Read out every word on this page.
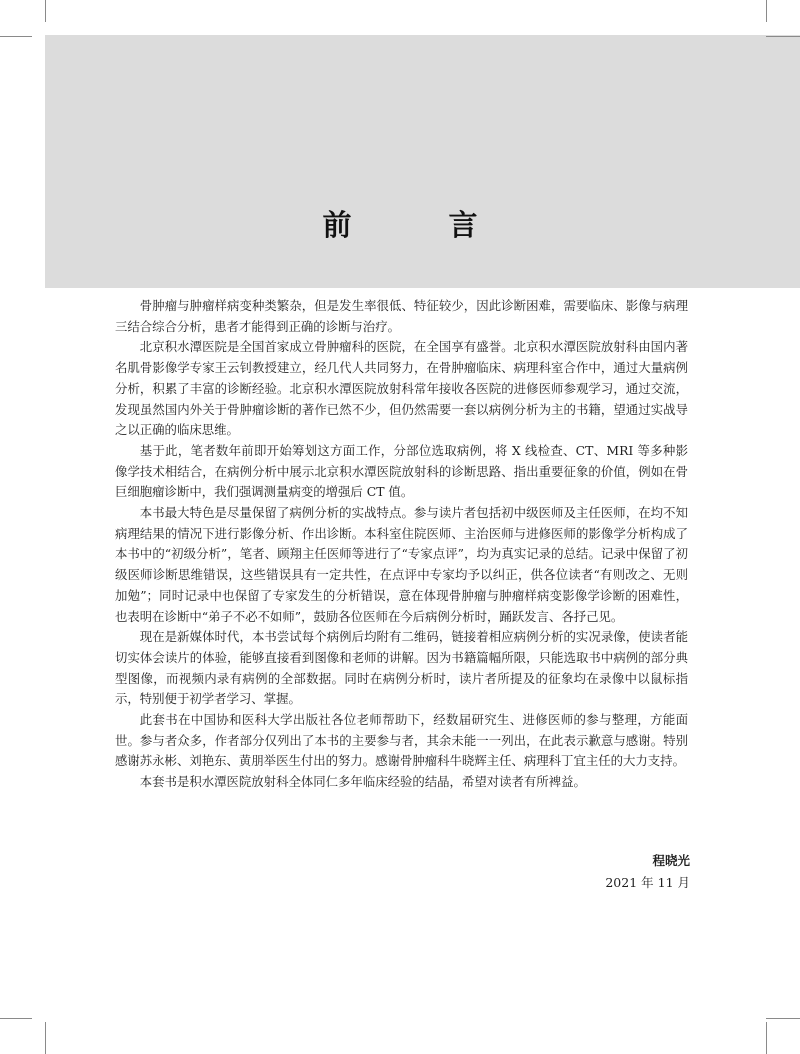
前　言

骨肿瘤与肿瘤样病变种类繁杂，但是发生率很低、特征较少，因此诊断困难，需要临床、影像与病理三结合综合分析，患者才能得到正确的诊断与治疗。

北京积水潭医院是全国首家成立骨肿瘤科的医院，在全国享有盛誉。北京积水潭医院放射科由国内著名肌骨影像学专家王云钊教授建立，经几代人共同努力，在骨肿瘤临床、病理科室合作中，通过大量病例分析，积累了丰富的诊断经验。北京积水潭医院放射科常年接收各医院的进修医师参观学习，通过交流，发现虽然国内外关于骨肿瘤诊断的著作已然不少，但仍然需要一套以病例分析为主的书籍，望通过实战导之以正确的临床思维。

基于此，笔者数年前即开始筹划这方面工作，分部位选取病例，将 X 线检查、CT、MRI 等多种影像学技术相结合，在病例分析中展示北京积水潭医院放射科的诊断思路、指出重要征象的价值，例如在骨巨细胞瘤诊断中，我们强调测量病变的增强后 CT 值。

本书最大特色是尽量保留了病例分析的实战特点。参与读片者包括初中级医师及主任医师，在均不知病理结果的情况下进行影像分析、作出诊断。本科室住院医师、主治医师与进修医师的影像学分析构成了本书中的“初级分析”，笔者、顾翔主任医师等进行了“专家点评”，均为真实记录的总结。记录中保留了初级医师诊断思维错误，这些错误具有一定共性，在点评中专家均予以纠正，供各位读者“有则改之、无则加勉”；同时记录中也保留了专家发生的分析错误，意在体现骨肿瘤与肿瘤样病变影像学诊断的困难性，也表明在诊断中“弟子不必不如师”，鼓励各位医师在今后病例分析时，踊跃发言、各抒己见。

现在是新媒体时代，本书尝试每个病例后均附有二维码，链接着相应病例分析的实况录像，使读者能切实体会读片的体验，能够直接看到图像和老师的讲解。因为书籍篇幅所限，只能选取书中病例的部分典型图像，而视频内录有病例的全部数据。同时在病例分析时，读片者所提及的征象均在录像中以鼠标指示，特别便于初学者学习、掌握。

此套书在中国协和医科大学出版社各位老师帮助下，经数届研究生、进修医师的参与整理，方能面世。参与者众多，作者部分仅列出了本书的主要参与者，其余未能一一列出，在此表示歉意与感谢。特别感谢苏永彬、刘艳东、黄朋举医生付出的努力。感谢骨肿瘤科牛晓辉主任、病理科丁宜主任的大力支持。

本套书是积水潭医院放射科全体同仁多年临床经验的结晶，希望对读者有所裨益。

程晓光
2021 年 11 月
